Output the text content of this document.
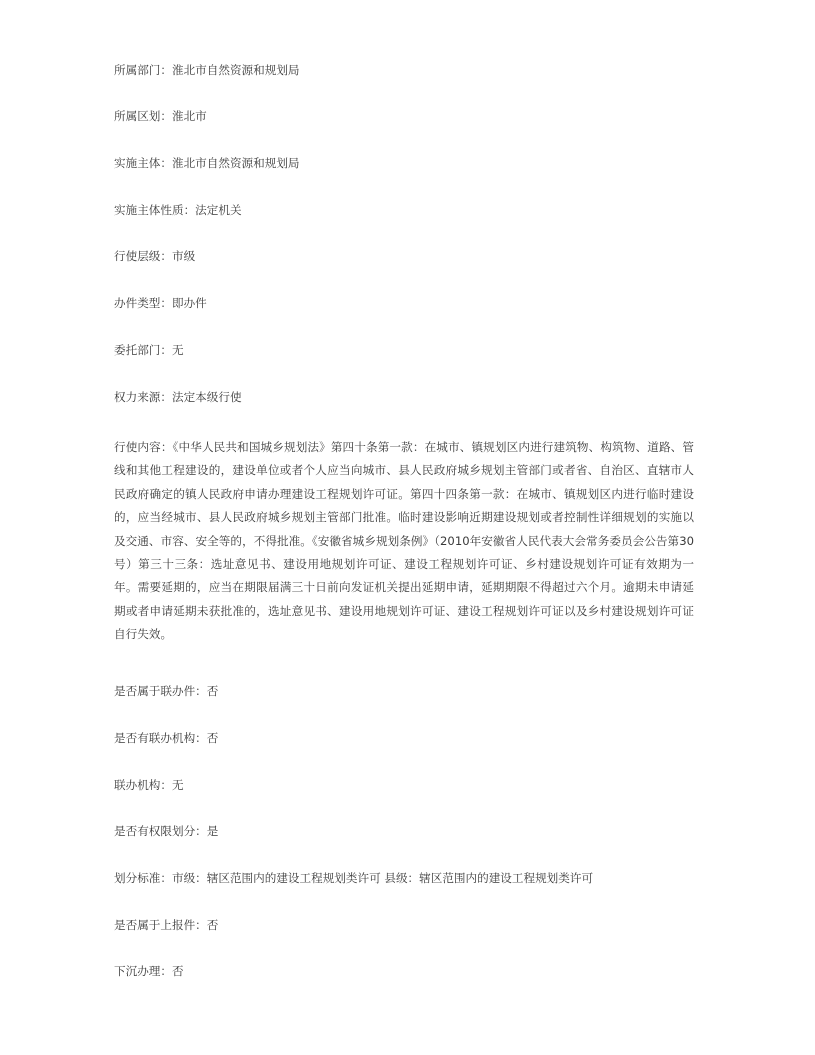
所属部门：淮北市自然资源和规划局
所属区划：淮北市
实施主体：淮北市自然资源和规划局
实施主体性质：法定机关
行使层级：市级
办件类型：即办件
委托部门：无
权力来源：法定本级行使
行使内容：《中华人民共和国城乡规划法》第四十条第一款：在城市、镇规划区内进行建筑物、构筑物、道路、管线和其他工程建设的，建设单位或者个人应当向城市、县人民政府城乡规划主管部门或者省、自治区、直辖市人民政府确定的镇人民政府申请办理建设工程规划许可证。第四十四条第一款：在城市、镇规划区内进行临时建设的，应当经城市、县人民政府城乡规划主管部门批准。临时建设影响近期建设规划或者控制性详细规划的实施以及交通、市容、安全等的，不得批准。《安徽省城乡规划条例》（2010年安徽省人民代表大会常务委员会公告第30号）第三十三条：选址意见书、建设用地规划许可证、建设工程规划许可证、乡村建设规划许可证有效期为一年。需要延期的，应当在期限届满三十日前向发证机关提出延期申请，延期期限不得超过六个月。逾期未申请延期或者申请延期未获批准的，选址意见书、建设用地规划许可证、建设工程规划许可证以及乡村建设规划许可证自行失效。
是否属于联办件：否
是否有联办机构：否
联办机构：无
是否有权限划分：是
划分标准：市级：辖区范围内的建设工程规划类许可 县级：辖区范围内的建设工程规划类许可
是否属于上报件：否
下沉办理：否
